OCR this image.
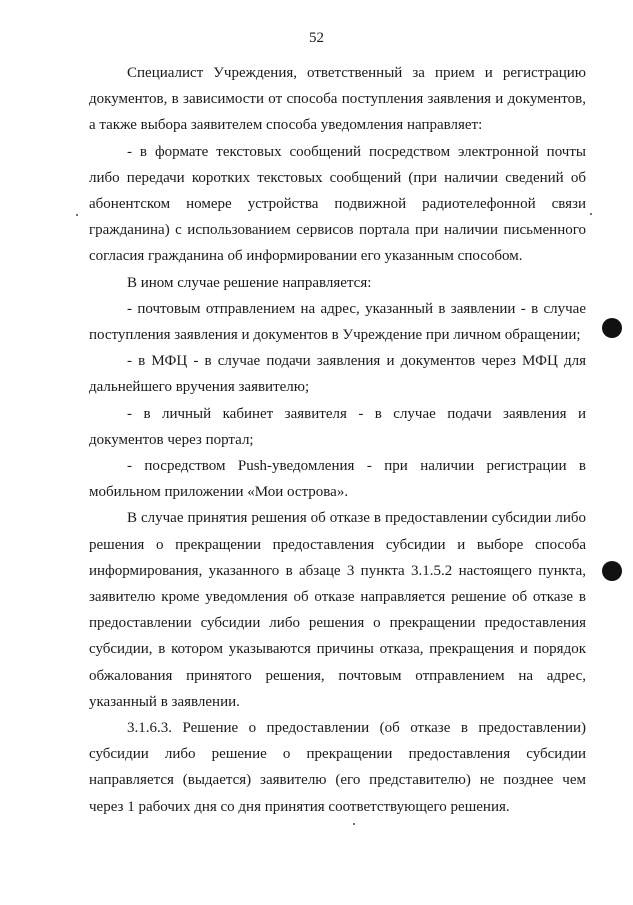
52

Специалист Учреждения, ответственный за прием и регистрацию документов, в зависимости от способа поступления заявления и документов, а также выбора заявителем способа уведомления направляет:

- в формате текстовых сообщений посредством электронной почты либо передачи коротких текстовых сообщений (при наличии сведений об абонентском номере устройства подвижной радиотелефонной связи гражданина) с использованием сервисов портала при наличии письменного согласия гражданина об информировании его указанным способом.

В ином случае решение направляется:

- почтовым отправлением на адрес, указанный в заявлении - в случае поступления заявления и документов в Учреждение при личном обращении;

- в МФЦ - в случае подачи заявления и документов через МФЦ для дальнейшего вручения заявителю;

- в личный кабинет заявителя - в случае подачи заявления и документов через портал;

- посредством Push-уведомления - при наличии регистрации в мобильном приложении «Мои острова».

В случае принятия решения об отказе в предоставлении субсидии либо решения о прекращении предоставления субсидии и выборе способа информирования, указанного в абзаце 3 пункта 3.1.5.2 настоящего пункта, заявителю кроме уведомления об отказе направляется решение об отказе в предоставлении субсидии либо решения о прекращении предоставления субсидии, в котором указываются причины отказа, прекращения и порядок обжалования принятого решения, почтовым отправлением на адрес, указанный в заявлении.

3.1.6.3. Решение о предоставлении (об отказе в предоставлении) субсидии либо решение о прекращении предоставления субсидии направляется (выдается) заявителю (его представителю) не позднее чем через 1 рабочих дня со дня принятия соответствующего решения.
